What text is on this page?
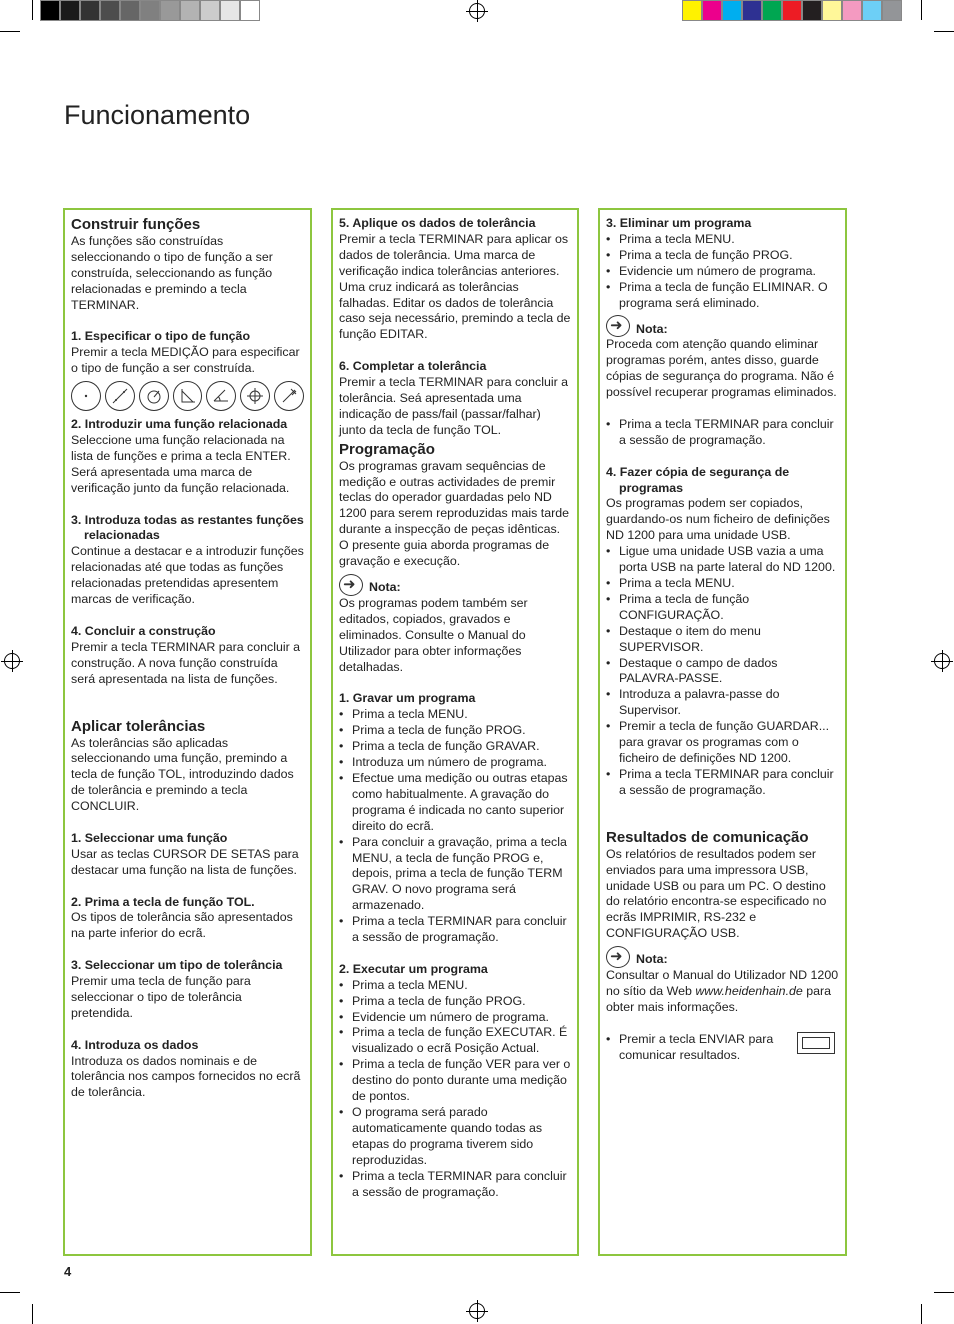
Funcionamento
Construir funções

As funções são construídas seleccionando o tipo de função a ser construída, seleccionando as função relacionadas e premindo a tecla TERMINAR.

1. Especificar o tipo de função

Premir a tecla MEDIÇÃO para especificar o tipo de função a ser construída.

2. Introduzir uma função relacionada

Seleccione uma função relacionada na lista de funções e prima a tecla ENTER. Será apresentada uma marca de verificação junto da função relacionada.

3. Introduza todas as restantes funções relacionadas

Continue a destacar e a introduzir funções relacionadas até que todas as funções relacionadas pretendidas apresentem marcas de verificação.

4. Concluir a construção

Premir a tecla TERMINAR para concluir a construção. A nova função construída será apresentada na lista de funções.

Aplicar tolerâncias

As tolerâncias são aplicadas seleccionando uma função, premindo a tecla de função TOL, introduzindo dados de tolerância e premindo a tecla CONCLUIR.

1. Seleccionar uma função

Usar as teclas CURSOR DE SETAS para destacar uma função na lista de funções.

2. Prima a tecla de função TOL.

Os tipos de tolerância são apresentados na parte inferior do ecrã.

3. Seleccionar um tipo de tolerância

Premir uma tecla de função para seleccionar o tipo de tolerância pretendida.

4. Introduza os dados

Introduza os dados nominais e de tolerância nos campos fornecidos no ecrã de tolerância.

5. Aplique os dados de tolerância

Premir a tecla TERMINAR para aplicar os dados de tolerância. Uma marca de verificação indica tolerâncias anteriores. Uma cruz indicará as tolerâncias falhadas. Editar os dados de tolerância caso seja necessário, premindo a tecla de função EDITAR.

6. Completar a tolerância

Premir a tecla TERMINAR para concluir a tolerância. Seá apresentada uma indicação de pass/fail (passar/falhar) junto da tecla de função TOL.

Programação

Os programas gravam sequências de medição e outras actividades de premir teclas do operador guardadas pelo ND 1200 para serem reproduzidas mais tarde durante a inspecção de peças idênticas. O presente guia aborda programas de gravação e execução.

➜
Nota:

Os programas podem também ser editados, copiados, gravados e eliminados. Consulte o Manual do Utilizador para obter informações detalhadas.

1. Gravar um programa
• Prima a tecla MENU.
• Prima a tecla de função PROG.
• Prima a tecla de função GRAVAR.
• Introduza um número de programa.
• Efectue uma medição ou outras etapas como habitualmente. A gravação do programa é indicada no canto superior direito do ecrã.
• Para concluir a gravação, prima a tecla MENU, a tecla de função PROG e, depois, prima a tecla de função TERM GRAV. O novo programa será armazenado.
• Prima a tecla TERMINAR para concluir a sessão de programação.
2. Executar um programa
• Prima a tecla MENU.
• Prima a tecla de função PROG.
• Evidencie um número de programa.
• Prima a tecla de função EXECUTAR. É visualizado o ecrã Posição Actual.
• Prima a tecla de função VER para ver o destino do ponto durante uma medição de pontos.
• O programa será parado automaticamente quando todas as etapas do programa tiverem sido reproduzidas.
• Prima a tecla TERMINAR para concluir a sessão de programação.
3. Eliminar um programa
• Prima a tecla MENU.
• Prima a tecla de função PROG.
• Evidencie um número de programa.
• Prima a tecla de função ELIMINAR. O programa será eliminado.
➜
Nota:

Proceda com atenção quando eliminar programas porém, antes disso, guarde cópias de segurança do programa. Não é possível recuperar programas eliminados.

• Prima a tecla TERMINAR para concluir a sessão de programação.
4. Fazer cópia de segurança de programas

Os programas podem ser copiados, guardando-os num ficheiro de definições ND 1200 para uma unidade USB.

• Ligue uma unidade USB vazia a uma porta USB na parte lateral do ND 1200.
• Prima a tecla MENU.
• Prima a tecla de função CONFIGURAÇÃO.
• Destaque o item do menu SUPERVISOR.
• Destaque o campo de dados PALAVRA-PASSE.
• Introduza a palavra-passe do Supervisor.
• Premir a tecla de função GUARDAR... para gravar os programas com o ficheiro de definições ND 1200.
• Prima a tecla TERMINAR para concluir a sessão de programação.
Resultados de comunicação

Os relatórios de resultados podem ser enviados para uma impressora USB, unidade USB ou para um PC. O destino do relatório encontra-se especificado no ecrãs IMPRIMIR, RS-232 e CONFIGURAÇÃO USB.

➜
Nota:

Consultar o Manual do Utilizador ND 1200 no sítio da Web www.heidenhain.de para obter mais informações.

• Premir a tecla ENVIAR para comunicar resultados.
4
